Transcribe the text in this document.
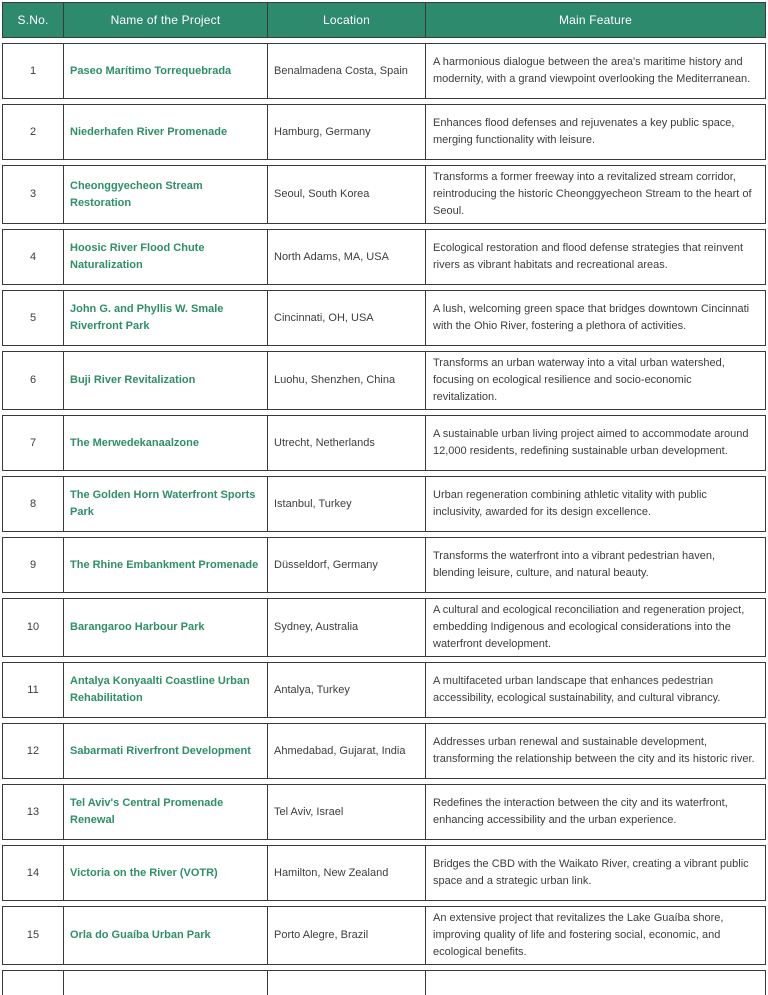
S.No.	Name of the Project	Location	Main Feature
1	Paseo Marítimo Torrequebrada	Benalmadena Costa, Spain	A harmonious dialogue between the area's maritime history and modernity, with a grand viewpoint overlooking the Mediterranean.
2	Niederhafen River Promenade	Hamburg, Germany	Enhances flood defenses and rejuvenates a key public space, merging functionality with leisure.
3	Cheonggyecheon Stream Restoration	Seoul, South Korea	Transforms a former freeway into a revitalized stream corridor, reintroducing the historic Cheonggyecheon Stream to the heart of Seoul.
4	Hoosic River Flood Chute Naturalization	North Adams, MA, USA	Ecological restoration and flood defense strategies that reinvent rivers as vibrant habitats and recreational areas.
5	John G. and Phyllis W. Smale Riverfront Park	Cincinnati, OH, USA	A lush, welcoming green space that bridges downtown Cincinnati with the Ohio River, fostering a plethora of activities.
6	Buji River Revitalization	Luohu, Shenzhen, China	Transforms an urban waterway into a vital urban watershed, focusing on ecological resilience and socio-economic revitalization.
7	The Merwedekanaalzone	Utrecht, Netherlands	A sustainable urban living project aimed to accommodate around 12,000 residents, redefining sustainable urban development.
8	The Golden Horn Waterfront Sports Park	Istanbul, Turkey	Urban regeneration combining athletic vitality with public inclusivity, awarded for its design excellence.
9	The Rhine Embankment Promenade	Düsseldorf, Germany	Transforms the waterfront into a vibrant pedestrian haven, blending leisure, culture, and natural beauty.
10	Barangaroo Harbour Park	Sydney, Australia	A cultural and ecological reconciliation and regeneration project, embedding Indigenous and ecological considerations into the waterfront development.
11	Antalya Konyaalti Coastline Urban Rehabilitation	Antalya, Turkey	A multifaceted urban landscape that enhances pedestrian accessibility, ecological sustainability, and cultural vibrancy.
12	Sabarmati Riverfront Development	Ahmedabad, Gujarat, India	Addresses urban renewal and sustainable development, transforming the relationship between the city and its historic river.
13	Tel Aviv's Central Promenade Renewal	Tel Aviv, Israel	Redefines the interaction between the city and its waterfront, enhancing accessibility and the urban experience.
14	Victoria on the River (VOTR)	Hamilton, New Zealand	Bridges the CBD with the Waikato River, creating a vibrant public space and a strategic urban link.
15	Orla do Guaíba Urban Park	Porto Alegre, Brazil	An extensive project that revitalizes the Lake Guaíba shore, improving quality of life and fostering social, economic, and ecological benefits.
